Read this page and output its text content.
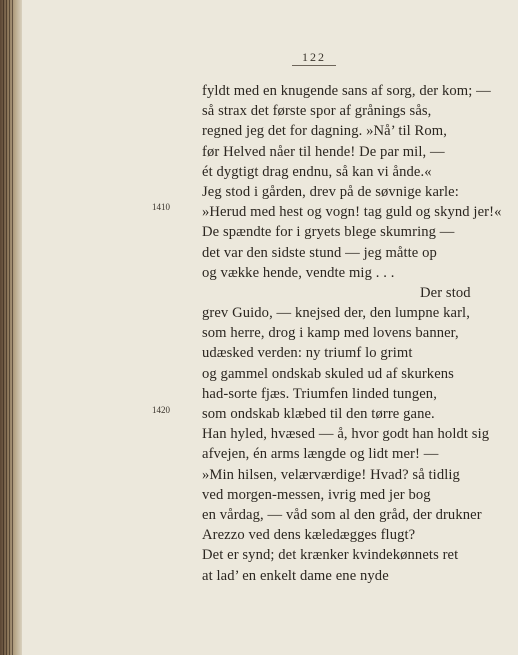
122
1410
1420
fyldt med en knugende sans af sorg, der kom; —
så strax det første spor af grånings sås,
regned jeg det for dagning. »Nå’ til Rom,
før Helved nåer til hende! De par mil, —
ét dygtigt drag endnu, så kan vi ånde.«
Jeg stod i gården, drev på de søvnige karle:
»Herud med hest og vogn! tag guld og skynd jer!«
De spændte for i gryets blege skumring —
det var den sidste stund — jeg måtte op
og vække hende, vendte mig . . .
Der stod
grev Guido, — knejsed der, den lumpne karl,
som herre, drog i kamp med lovens banner,
udæsked verden: ny triumf lo grimt
og gammel ondskab skuled ud af skurkens
had-sorte fjæs. Triumfen linded tungen,
som ondskab klæbed til den tørre gane.
Han hyled, hvæsed — å, hvor godt han holdt sig
afvejen, én arms længde og lidt mer! —
»Min hilsen, velærværdige! Hvad? så tidlig
ved morgen-messen, ivrig med jer bog
en vårdag, — våd som al den gråd, der drukner
Arezzo ved dens kæledægges flugt?
Det er synd; det krænker kvindekønnets ret
at lad’ en enkelt dame ene nyde
